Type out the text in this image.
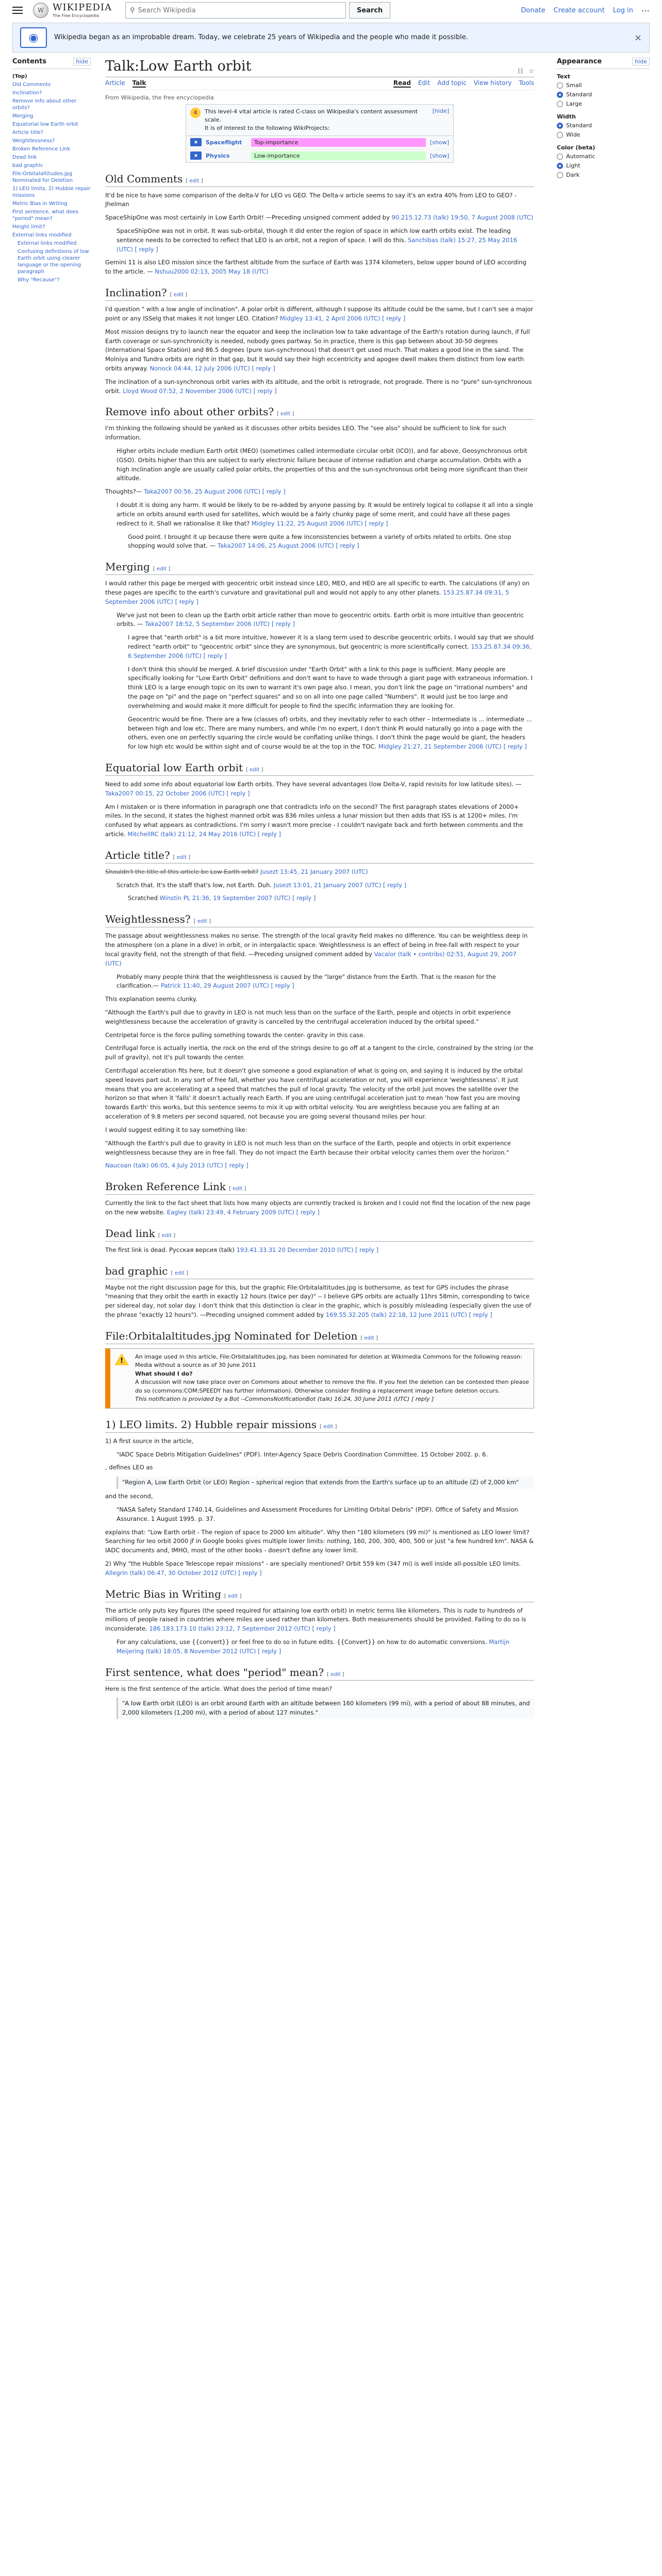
W WIKIPEDIA
The Free Encyclopedia
⚲
Search Wikipedia	Search	Donate Create account Log in ⋯
◉	Wikipedia began as an improbable dream. Today, we celebrate 25 years of Wikipedia and the people who made it possible.	×
Contents	hide
(Top)
Old Comments
Inclination?
Remove info about other orbits?
Merging
Equatorial low Earth orbit
Article title?
Weightlessness?
Broken Reference Link
Dead link
bad graphic
File:Orbitalaltitudes.jpg Nominated for Deletion
1) LEO limits. 2) Hubble repair missions
Metric Bias in Writing
First sentence, what does "period" mean?
Height limit?
External links modified
External links modified
Confusing definitions of low Earth orbit using clearer language or the opening paragraph
Why "Recause"?
Talk:Low Earth orbit	日 ☆
Article Talk	Read Edit Add topic View history Tools
From Wikipedia, the free encyclopedia
4	This level-4 vital article is rated C-class on Wikipedia's content assessment scale.
It is of interest to the following WikiProjects:
[hide]
★	Spaceflight	Top-importance	[show]
★	Physics	Low-importance	[show]
Old Comments [ edit ]
It'd be nice to have some comparison of the delta-V for LEO vs GEO. The Delta-v article seems to say it's an extra 40% from LEO to GEO? -Jhelman
SpaceShipOne was most certainly in Low Earth Orbit! —Preceding unsigned comment added by 90.215.12.73 (talk) 19:50, 7 August 2008 (UTC)
SpaceShipOne was not in orbit. It was sub-orbital, though it did enter the region of space in which low earth orbits exist. The leading sentence needs to be corrected to reflect that LEO is an orbit, not a region of space. I will do this. Sanchibas (talk) 15:27, 25 May 2016 (UTC) [ reply ]
Gemini 11 is also LEO mission since the farthest altitude from the surface of Earth was 1374 kilometers, below upper bound of LEO according to the article. — Nshuu2000 02:13, 2005 May 18 (UTC)
Inclination? [ edit ]
I'd question " with a low angle of inclination". A polar orbit is different, although I suppose its altitude could be the same, but I can't see a major point or any ISSelg that makes it not longer LEO. Citation? Midgley 13:41, 2 April 2006 (UTC) [ reply ]
Most mission designs try to launch near the equator and keep the inclination low to take advantage of the Earth's rotation during launch, if full Earth coverage or sun-synchronicity is needed, nobody goes partway. So in practice, there is this gap between about 30-50 degrees (International Space Station) and 86.5 degrees (pure sun-synchronous) that doesn't get used much. That makes a good line in the sand. The Molniya and Tundra orbits are right in that gap, but it would say their high eccentricity and apogee dwell makes them distinct from low earth orbits anyway. Nonock 04:44, 12 July 2006 (UTC) [ reply ]
The inclination of a sun-synchronous orbit varies with its altitude, and the orbit is retrograde, not prograde. There is no "pure" sun-synchronous orbit. Lloyd Wood 07:52, 2 November 2006 (UTC) [ reply ]
Remove info about other orbits? [ edit ]
I'm thinking the following should be yanked as it discusses other orbits besides LEO. The "see also" should be sufficient to link for such information.
Higher orbits include medium Earth orbit (MEO) (sometimes called intermediate circular orbit (ICO)), and far above, Geosynchronous orbit (GSO). Orbits higher than this are subject to early electronic failure because of intense radiation and charge accumulation. Orbits with a high inclination angle are usually called polar orbits, the properties of this and the sun-synchronous orbit being more significant than their altitude.
Thoughts?— Taka2007 00:56, 25 August 2006 (UTC) [ reply ]
I doubt it is doing any harm. It would be likely to be re-added by anyone passing by. It would be entirely logical to collapse it all into a single article on orbits around earth used for satellites, which would be a fairly chunky page of some merit, and could have all these pages redirect to it. Shall we rationalise it like that? Midgley 11:22, 25 August 2006 (UTC) [ reply ]
Good point. I brought it up because there were quite a few inconsistencies between a variety of orbits related to orbits. One stop shopping would solve that. — Taka2007 14:06, 25 August 2006 (UTC) [ reply ]
Merging [ edit ]
I would rather this page be merged with geocentric orbit instead since LEO, MEO, and HEO are all specific to earth. The calculations (if any) on these pages are specific to the earth's curvature and gravitational pull and would not apply to any other planets. 153.25.87.34 09:31, 5 September 2006 (UTC) [ reply ]
We've just not been to clean up the Earth orbit article rather than move to geocentric orbits. Earth orbit is more intuitive than geocentric orbits. — Taka2007 18:52, 5 September 2006 (UTC) [ reply ]
I agree that "earth orbit" is a bit more intuitive, however it is a slang term used to describe geocentric orbits. I would say that we should redirect "earth orbit" to "geocentric orbit" since they are synonymous, but geocentric is more scientifically correct. 153.25.87.34 09:36, 6 September 2006 (UTC) [ reply ]
I don't think this should be merged. A brief discussion under "Earth Orbit" with a link to this page is sufficient. Many people are specifically looking for "Low Earth Orbit" definitions and don't want to have to wade through a giant page with extraneous information. I think LEO is a large enough topic on its own to warrant it's own page also. I mean, you don't link the page on "irrational numbers" and the page on "pi" and the page on "perfect squares" and so on all into one page called "Numbers". It would just be too large and overwhelming and would make it more difficult for people to find the specific information they are looking for.
Geocentric would be fine. There are a few (classes of) orbits, and they inevitably refer to each other – Intermediate is ... intermediate ... between high and low etc. There are many numbers, and while I'm no expert, I don't think PI would naturally go into a page with the others, even one on perfectly squaring the circle would be conflating unlike things. I don't think the page would be giant, the headers for low high etc would be within sight and of course would be at the top in the TOC. Midgley 21:27, 21 September 2006 (UTC) [ reply ]
Equatorial low Earth orbit [ edit ]
Need to add some info about equatorial low Earth orbits. They have several advantages (low Delta-V, rapid revisits for low latitude sites). — Taka2007 00:15, 22 October 2006 (UTC) [ reply ]
Am I mistaken or is there information in paragraph one that contradicts info on the second? The first paragraph states elevations of 2000+ miles. In the second, it states the highest manned orbit was 836 miles unless a lunar mission but then adds that ISS is at 1200+ miles. I'm confused by what appears as contradictions. I'm sorry I wasn't more precise - I couldn't navigate back and forth between comments and the article. MitchellRC (talk) 21:12, 24 May 2016 (UTC) [ reply ]
Article title? [ edit ]
Shouldn't the title of this article be Low Earth orbit? Jusezt 13:45, 21 January 2007 (UTC)
Scratch that. It's the staff that's low, not Earth. Duh. Jusezt 13:01, 21 January 2007 (UTC) [ reply ]
Scratched Winstin PL 21:36, 19 September 2007 (UTC) [ reply ]
Weightlessness? [ edit ]
The passage about weightlessness makes no sense. The strength of the local gravity field makes no difference. You can be weightless deep in the atmosphere (on a plane in a dive) in orbit, or in intergalactic space. Weightlessness is an effect of being in free-fall with respect to your local gravity field, not the strength of that field. —Preceding unsigned comment added by Vacalor (talk • contribs) 02:51, August 29, 2007 (UTC)
Probably many people think that the weightlessness is caused by the "large" distance from the Earth. That is the reason for the clarification.— Patrick 11:40, 29 August 2007 (UTC) [ reply ]
This explanation seems clunky.
"Although the Earth's pull due to gravity in LEO is not much less than on the surface of the Earth, people and objects in orbit experience weightlessness because the acceleration of gravity is cancelled by the centrifugal acceleration induced by the orbital speed."
Centripetal force is the force pulling something towards the center- gravity in this case.
Centrifugal force is actually inertia, the rock on the end of the strings desire to go off at a tangent to the circle, constrained by the string (or the pull of gravity), not it's pull towards the center.
Centrifugal acceleration fits here, but it doesn't give someone a good explanation of what is going on, and saying it is induced by the orbital speed leaves part out. In any sort of free fall, whether you have centrifugal acceleration or not, you will experience 'weightlessness'. It just means that you are accelerating at a speed that matches the pull of local gravity. The velocity of the orbit just moves the satellite over the horizon so that when it 'falls' it doesn't actually reach Earth. If you are using centrifugal acceleration just to mean 'how fast you are moving towards Earth' this works, but this sentence seems to mix it up with orbital velocity. You are weightless because you are falling at an acceleration of 9.8 meters per second squared, not because you are going several thousand miles per hour.
I would suggest editing it to say something like:
"Although the Earth's pull due to gravity in LEO is not much less than on the surface of the Earth, people and objects in orbit experience weightlessness because they are in free fall. They do not impact the Earth because their orbital velocity carries them over the horizon."
Naucoan (talk) 06:05, 4 July 2013 (UTC) [ reply ]
Broken Reference Link [ edit ]
Currently the link to the fact sheet that lists how many objects are currently tracked is broken and I could not find the location of the new page on the new website. Eagley (talk) 23:49, 4 February 2009 (UTC) [ reply ]
Dead link [ edit ]
The first link is dead. Русская версия (talk) 193.41.33.31 20 December 2010 (UTC) [ reply ]
bad graphic [ edit ]
Maybe not the right discussion page for this, but the graphic File:Orbitalaltitudes.jpg is bothersome, as text for GPS includes the phrase "meaning that they orbit the earth in exactly 12 hours (twice per day)" -- I believe GPS orbits are actually 11hrs 58min, corresponding to twice per sidereal day, not solar day. I don't think that this distinction is clear in the graphic, which is possibly misleading (especially given the use of the phrase "exactly 12 hours"). —Preceding unsigned comment added by 169.55.32.205 (talk) 22:18, 12 June 2011 (UTC) [ reply ]
File:Orbitalaltitudes.jpg Nominated for Deletion [ edit ]
!
An image used in this article, File:Orbitalaltitudes.jpg, has been nominated for deletion at Wikimedia Commons for the following reason: Media without a source as of 30 June 2011
What should I do?
A discussion will now take place over on Commons about whether to remove the file. If you feel the deletion can be contested then please do so (commons:COM:SPEEDY has further information). Otherwise consider finding a replacement image before deletion occurs.
This notification is provided by a Bot --CommonsNotificationBot (talk) 16:24, 30 June 2011 (UTC) [ reply ]
1) LEO limits. 2) Hubble repair missions [ edit ]
1) A first source in the article,
"IADC Space Debris Mitigation Guidelines" (PDF). Inter-Agency Space Debris Coordination Committee. 15 October 2002. p. 6.
, defines LEO as
"Region A, Low Earth Orbit (or LEO) Region – spherical region that extends from the Earth's surface up to an altitude (Z) of 2,000 km"
and the second,
"NASA Safety Standard 1740.14, Guidelines and Assessment Procedures for Limiting Orbital Debris" (PDF). Office of Safety and Mission Assurance. 1 August 1995. p. 37.
explains that: "Low Earth orbit - The region of space to 2000 km altitude". Why then "180 kilometers (99 mi)" is mentioned as LEO lower limit? Searching for leo orbit 2000 jf in Google books gives multiple lower limits: nothing, 160, 200, 300, 400, 500 or just "a few hundred km". NASA & IADC documents and, IMHO, most of the other books - doesn't define any lower limit.
2) Why "the Hubble Space Telescope repair missions" - are specially mentioned? Orbit 559 km (347 mi) is well inside all-possible LEO limits. Allegrin (talk) 06:47, 30 October 2012 (UTC) [ reply ]
Metric Bias in Writing [ edit ]
The article only puts key figures (the speed required for attaining low earth orbit) in metric terms like kilometers. This is rude to hundreds of millions of people raised in countries where miles are used rather than kilometers. Both measurements should be provided. Failing to do so is inconsiderate. 186.183.173.10 (talk) 23:12, 7 September 2012 (UTC) [ reply ]
For any calculations, use {{convert}} or feel free to do so in future edits. {{Convert}} on how to do automatic conversions. Martijn Meijering (talk) 18:05, 8 November 2012 (UTC) [ reply ]
First sentence, what does "period" mean? [ edit ]
Here is the first sentence of the article. What does the period of time mean?
"A low Earth orbit (LEO) is an orbit around Earth with an altitude between 160 kilometers (99 mi), with a period of about 88 minutes, and 2,000 kilometers (1,200 mi), with a period of about 127 minutes."
Appearance	hide
Text
Small
Standard
Large
Width
Standard
Wide
Color (beta)
Automatic
Light
Dark
